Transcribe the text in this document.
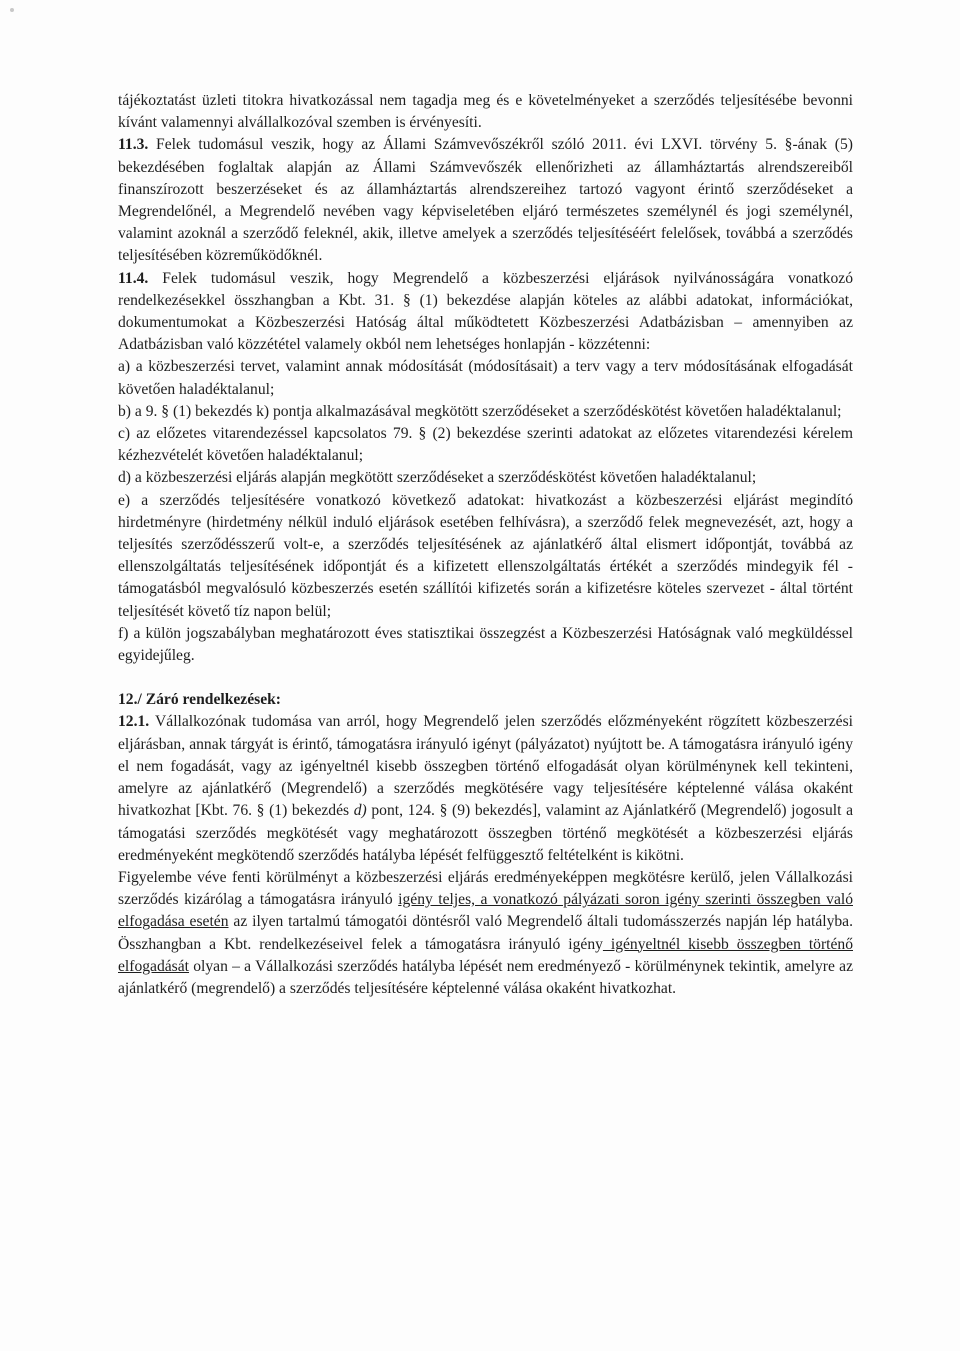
tájékoztatást üzleti titokra hivatkozással nem tagadja meg és e követelményeket a szerződés teljesítésébe bevonni kívánt valamennyi alvállalkozóval szemben is érvényesíti.

11.3. Felek tudomásul veszik, hogy az Állami Számvevőszékről szóló 2011. évi LXVI. törvény 5. §-ának (5) bekezdésében foglaltak alapján az Állami Számvevőszék ellenőrizheti az államháztartás alrendszereiből finanszírozott beszerzéseket és az államháztartás alrendszereihez tartozó vagyont érintő szerződéseket a Megrendelőnél, a Megrendelő nevében vagy képviseletében eljáró természetes személynél és jogi személynél, valamint azoknál a szerződő feleknél, akik, illetve amelyek a szerződés teljesítéséért felelősek, továbbá a szerződés teljesítésében közreműködőknél.

11.4. Felek tudomásul veszik, hogy Megrendelő a közbeszerzési eljárások nyilvánosságára vonatkozó rendelkezésekkel összhangban a Kbt. 31. § (1) bekezdése alapján köteles az alábbi adatokat, információkat, dokumentumokat a Közbeszerzési Hatóság által működtetett Közbeszerzési Adatbázisban – amennyiben az Adatbázisban való közzététel valamely okból nem lehetséges honlapján - közzétenni:

a) a közbeszerzési tervet, valamint annak módosítását (módosításait) a terv vagy a terv módosításának elfogadását követően haladéktalanul;

b) a 9. § (1) bekezdés k) pontja alkalmazásával megkötött szerződéseket a szerződéskötést követően haladéktalanul;

c) az előzetes vitarendezéssel kapcsolatos 79. § (2) bekezdése szerinti adatokat az előzetes vitarendezési kérelem kézhezvételét követően haladéktalanul;

d) a közbeszerzési eljárás alapján megkötött szerződéseket a szerződéskötést követően haladéktalanul;

e) a szerződés teljesítésére vonatkozó következő adatokat: hivatkozást a közbeszerzési eljárást megindító hirdetményre (hirdetmény nélkül induló eljárások esetében felhívásra), a szerződő felek megnevezését, azt, hogy a teljesítés szerződésszerű volt-e, a szerződés teljesítésének az ajánlatkérő által elismert időpontját, továbbá az ellenszolgáltatás teljesítésének időpontját és a kifizetett ellenszolgáltatás értékét a szerződés mindegyik fél - támogatásból megvalósuló közbeszerzés esetén szállítói kifizetés során a kifizetésre köteles szervezet - által történt teljesítését követő tíz napon belül;

f) a külön jogszabályban meghatározott éves statisztikai összegzést a Közbeszerzési Hatóságnak való megküldéssel egyidejűleg.

12./ Záró rendelkezések:

12.1. Vállalkozónak tudomása van arról, hogy Megrendelő jelen szerződés előzményeként rögzített közbeszerzési eljárásban, annak tárgyát is érintő, támogatásra irányuló igényt (pályázatot) nyújtott be. A támogatásra irányuló igény el nem fogadását, vagy az igényeltnél kisebb összegben történő elfogadását olyan körülménynek kell tekinteni, amelyre az ajánlatkérő (Megrendelő) a szerződés megkötésére vagy teljesítésére képtelenné válása okaként hivatkozhat [Kbt. 76. § (1) bekezdés d) pont, 124. § (9) bekezdés], valamint az Ajánlatkérő (Megrendelő) jogosult a támogatási szerződés megkötését vagy meghatározott összegben történő megkötését a közbeszerzési eljárás eredményeként megkötendő szerződés hatályba lépését felfüggesztő feltételként is kikötni.

Figyelembe véve fenti körülményt a közbeszerzési eljárás eredményeképpen megkötésre kerülő, jelen Vállalkozási szerződés kizárólag a támogatásra irányuló igény teljes, a vonatkozó pályázati soron igény szerinti összegben való elfogadása esetén az ilyen tartalmú támogatói döntésről való Megrendelő általi tudomásszerzés napján lép hatályba. Összhangban a Kbt. rendelkezéseivel felek a támogatásra irányuló igény igényeltnél kisebb összegben történő elfogadását olyan – a Vállalkozási szerződés hatályba lépését nem eredményező - körülménynek tekintik, amelyre az ajánlatkérő (megrendelő) a szerződés teljesítésére képtelenné válása okaként hivatkozhat.
